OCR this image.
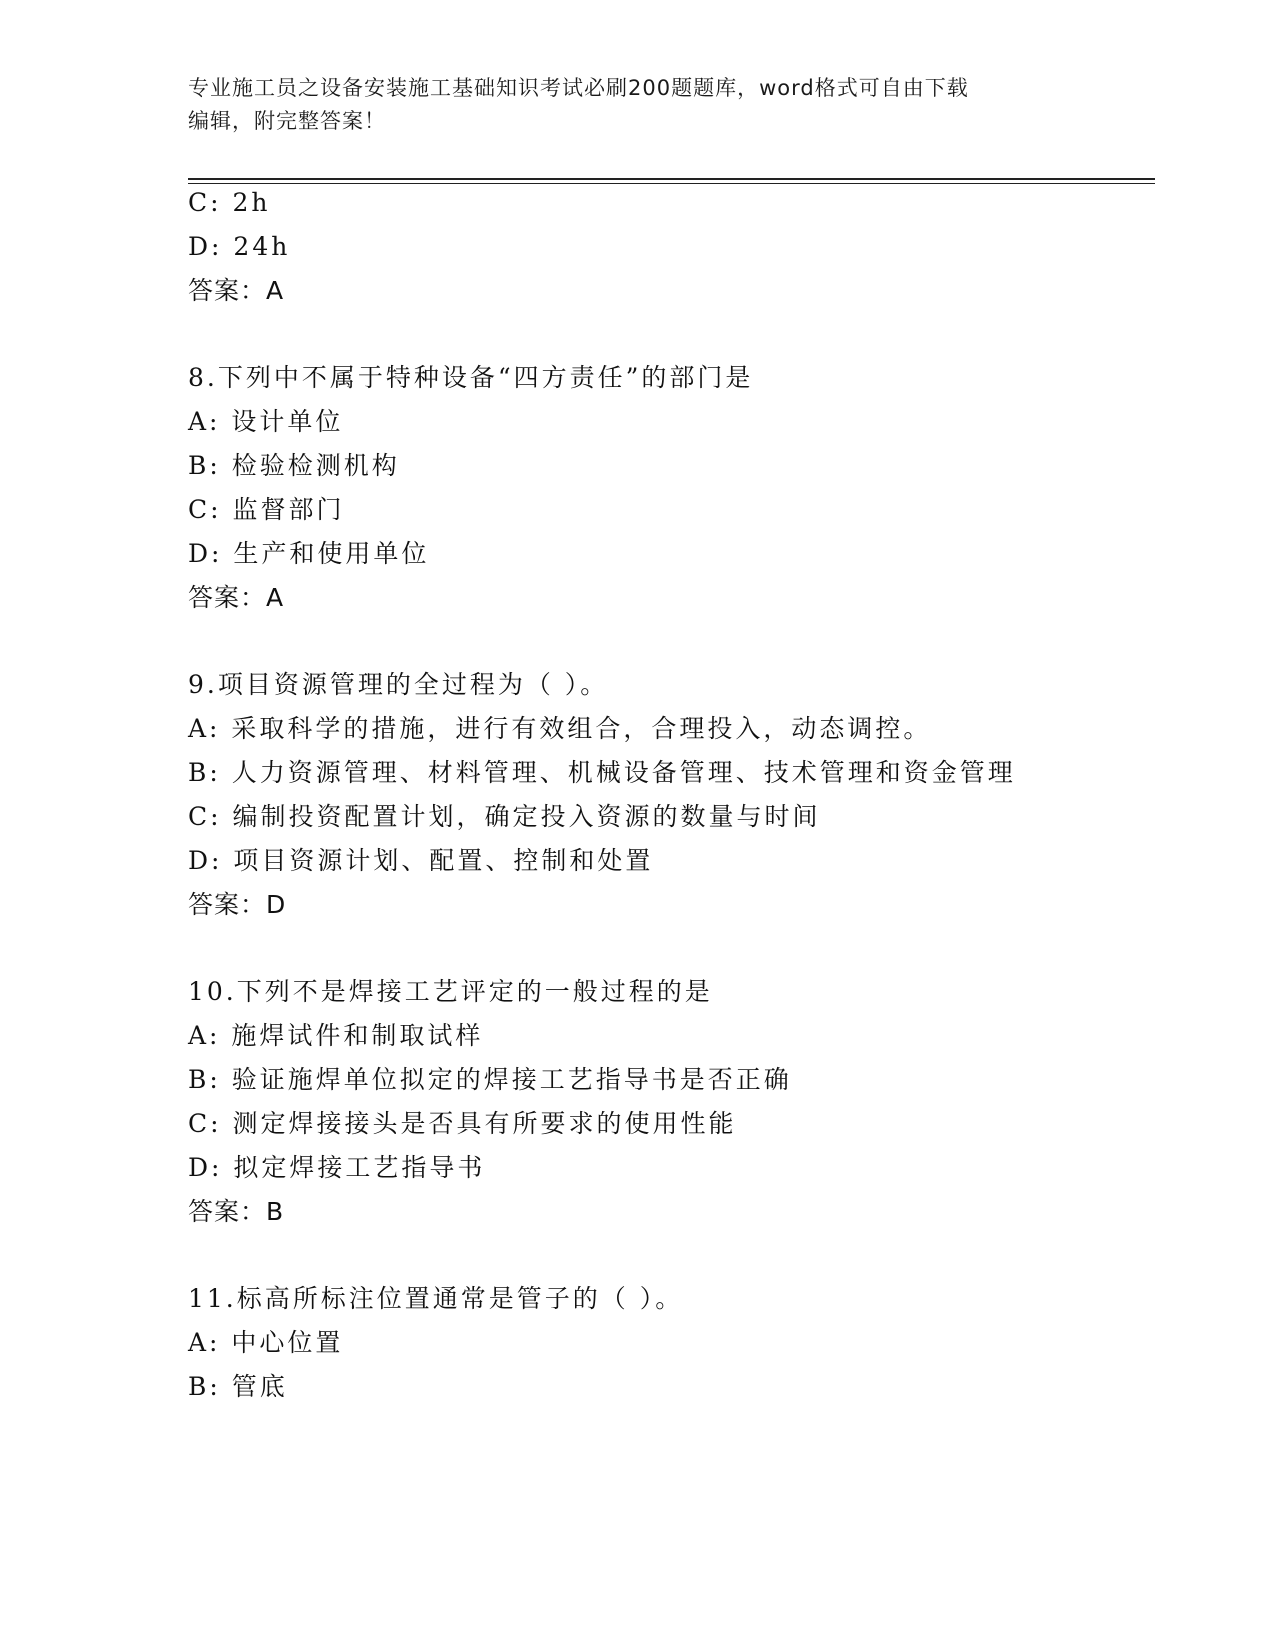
专业施工员之设备安装施工基础知识考试必刷200题题库，word格式可自由下载
编辑，附完整答案！
C: 2h
D: 24h
答案：A
8.下列中不属于特种设备“四方责任”的部门是
A: 设计单位
B: 检验检测机构
C: 监督部门
D: 生产和使用单位
答案：A
9.项目资源管理的全过程为（ ）。
A: 采取科学的措施，进行有效组合，合理投入，动态调控。
B: 人力资源管理、材料管理、机械设备管理、技术管理和资金管理
C: 编制投资配置计划，确定投入资源的数量与时间
D: 项目资源计划、配置、控制和处置
答案：D
10.下列不是焊接工艺评定的一般过程的是
A: 施焊试件和制取试样
B: 验证施焊单位拟定的焊接工艺指导书是否正确
C: 测定焊接接头是否具有所要求的使用性能
D: 拟定焊接工艺指导书
答案：B
11.标高所标注位置通常是管子的（ ）。
A: 中心位置
B: 管底
